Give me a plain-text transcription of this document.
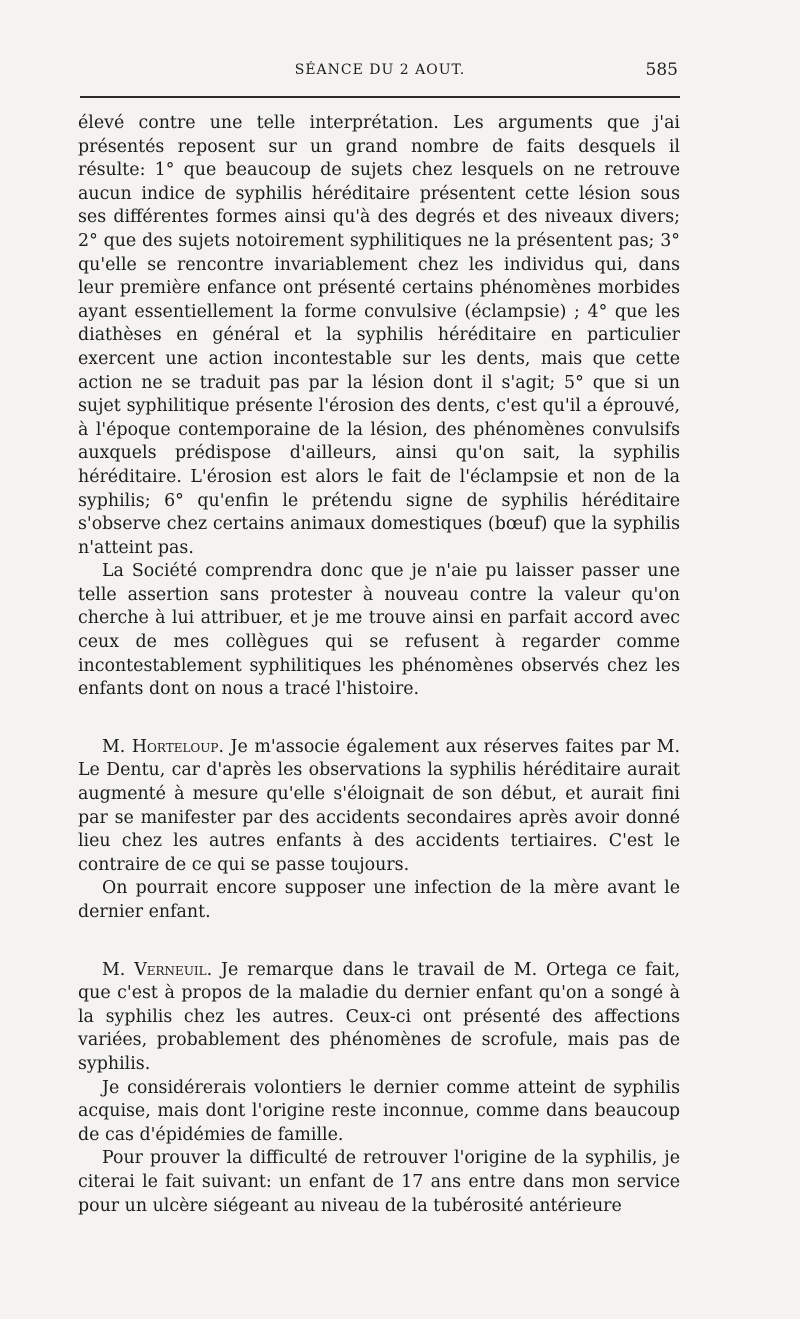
SÉANCE DU 2 AOUT.	585

élevé contre une telle interprétation. Les arguments que j'ai présentés reposent sur un grand nombre de faits desquels il résulte: 1° que beaucoup de sujets chez lesquels on ne retrouve aucun indice de syphilis héréditaire présentent cette lésion sous ses différentes formes ainsi qu'à des degrés et des niveaux divers; 2° que des sujets notoirement syphilitiques ne la présentent pas; 3° qu'elle se rencontre invariablement chez les individus qui, dans leur première enfance ont présenté certains phénomènes morbides ayant essentiellement la forme convulsive (éclampsie) ; 4° que les diathèses en général et la syphilis héréditaire en particulier exercent une action incontestable sur les dents, mais que cette action ne se traduit pas par la lésion dont il s'agit; 5° que si un sujet syphilitique présente l'érosion des dents, c'est qu'il a éprouvé, à l'époque contemporaine de la lésion, des phénomènes convulsifs auxquels prédispose d'ailleurs, ainsi qu'on sait, la syphilis héréditaire. L'érosion est alors le fait de l'éclampsie et non de la syphilis; 6° qu'enfin le prétendu signe de syphilis héréditaire s'observe chez certains animaux domestiques (bœuf) que la syphilis n'atteint pas.

La Société comprendra donc que je n'aie pu laisser passer une telle assertion sans protester à nouveau contre la valeur qu'on cherche à lui attribuer, et je me trouve ainsi en parfait accord avec ceux de mes collègues qui se refusent à regarder comme incontestablement syphilitiques les phénomènes observés chez les enfants dont on nous a tracé l'histoire.

M. Horteloup. Je m'associe également aux réserves faites par M. Le Dentu, car d'après les observations la syphilis héréditaire aurait augmenté à mesure qu'elle s'éloignait de son début, et aurait fini par se manifester par des accidents secondaires après avoir donné lieu chez les autres enfants à des accidents tertiaires. C'est le contraire de ce qui se passe toujours.

On pourrait encore supposer une infection de la mère avant le dernier enfant.

M. Verneuil. Je remarque dans le travail de M. Ortega ce fait, que c'est à propos de la maladie du dernier enfant qu'on a songé à la syphilis chez les autres. Ceux-ci ont présenté des affections variées, probablement des phénomènes de scrofule, mais pas de syphilis.

Je considérerais volontiers le dernier comme atteint de syphilis acquise, mais dont l'origine reste inconnue, comme dans beaucoup de cas d'épidémies de famille.

Pour prouver la difficulté de retrouver l'origine de la syphilis, je citerai le fait suivant: un enfant de 17 ans entre dans mon service pour un ulcère siégeant au niveau de la tubérosité antérieure
